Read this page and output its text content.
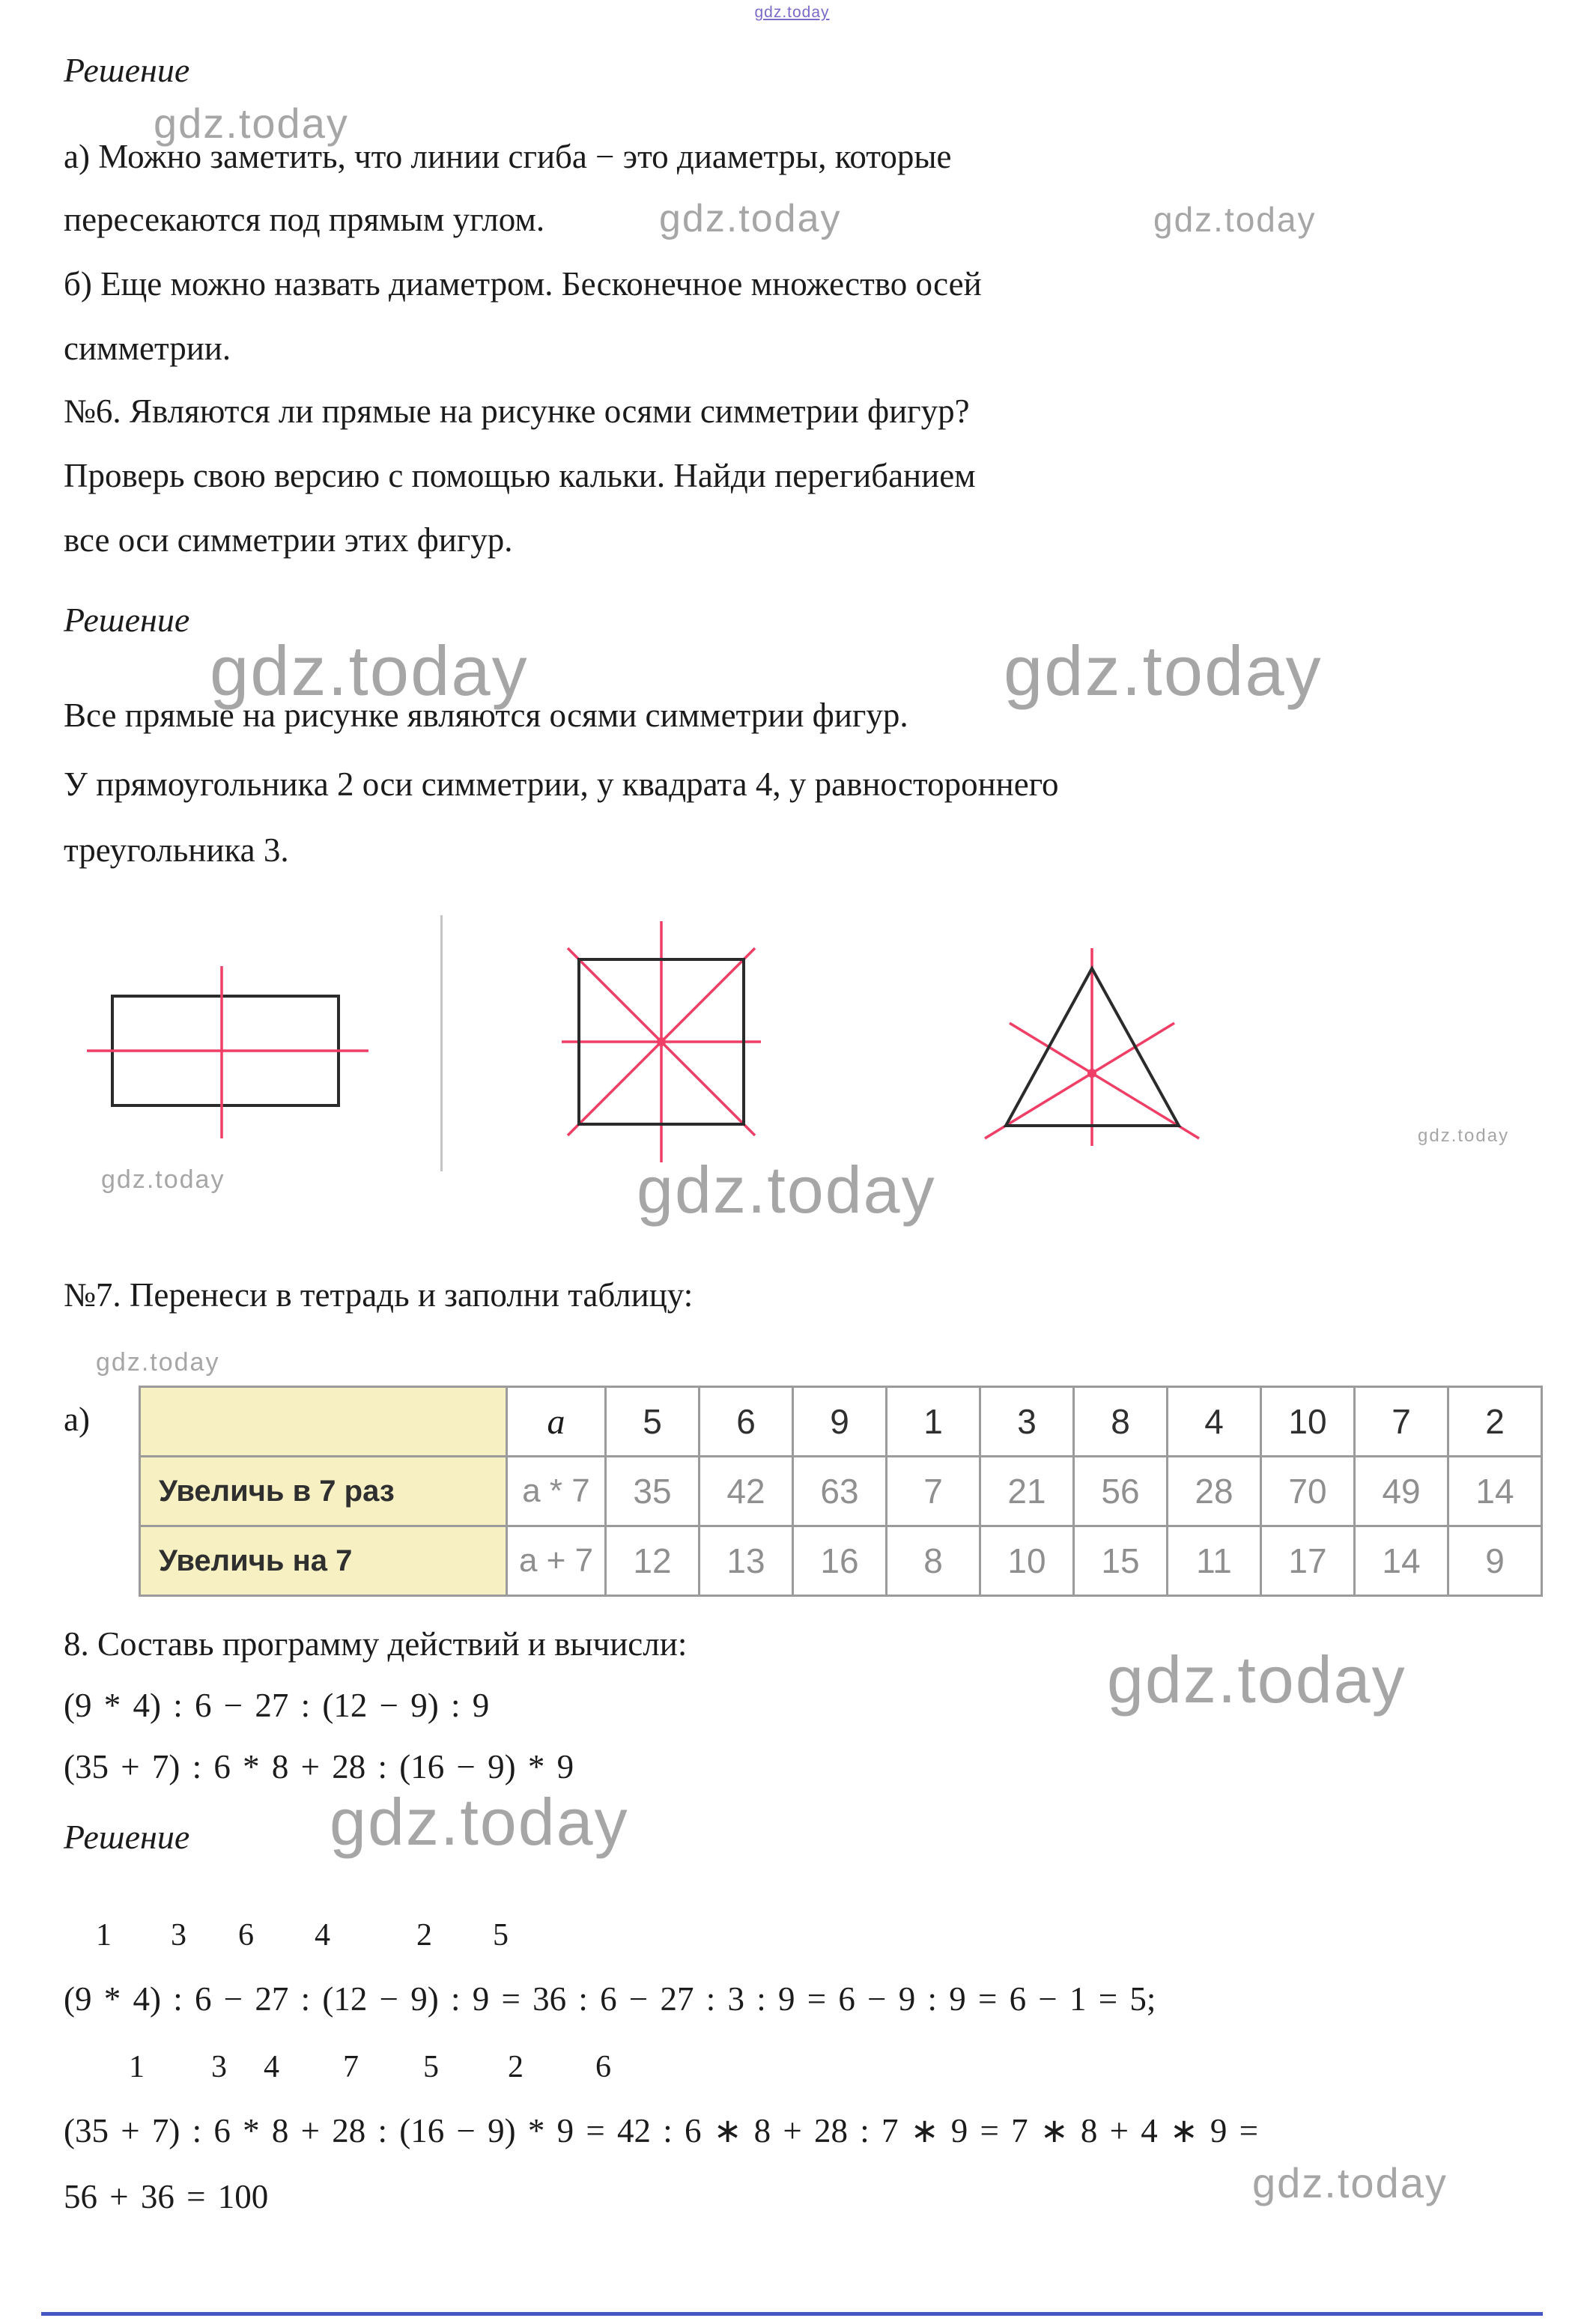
gdz.today
Решение
gdz.today
а) Можно заметить, что линии сгиба − это диаметры, которые
пересекаются под прямым углом.	gdz.today	gdz.today
б) Еще можно назвать диаметром. Бесконечное множество осей
симметрии.
№6. Являются ли прямые на рисунке осями симметрии фигур?
Проверь свою версию с помощью кальки. Найди перегибанием
все оси симметрии этих фигур.
Решение
gdz.today	gdz.today
Все прямые на рисунке являются осями симметрии фигур.
У прямоугольника 2 оси симметрии, у квадрата 4, у равностороннего
треугольника 3.
gdz.today	gdz.today
gdz.today
№7. Перенеси в тетрадь и заполни таблицу:
gdz.today
а)
		а	5	6	9	1	3	8	4	10	7	2
Увеличь в 7 раз	а * 7	35	42	63	7	21	56	28	70	49	14
Увеличь на 7	а + 7	12	13	16	8	10	15	11	17	14	9
8. Составь программу действий и вычисли:	gdz.today
(9 * 4) : 6 − 27 : (12 − 9) : 9
(35 + 7) : 6 * 8 + 28 : (16 − 9) * 9
Решение gdz.today
1 3 6 4	2 5
(9 * 4) : 6 − 27 : (12 − 9) : 9 = 36 : 6 − 27 : 3 : 9 = 6 − 9 : 9 = 6 − 1 = 5;
1 3 4 7 5 2 6
(35 + 7) : 6 * 8 + 28 : (16 − 9) * 9 = 42 : 6 ∗ 8 + 28 : 7 ∗ 9 = 7 ∗ 8 + 4 ∗ 9 =
56 + 36 = 100	gdz.today
